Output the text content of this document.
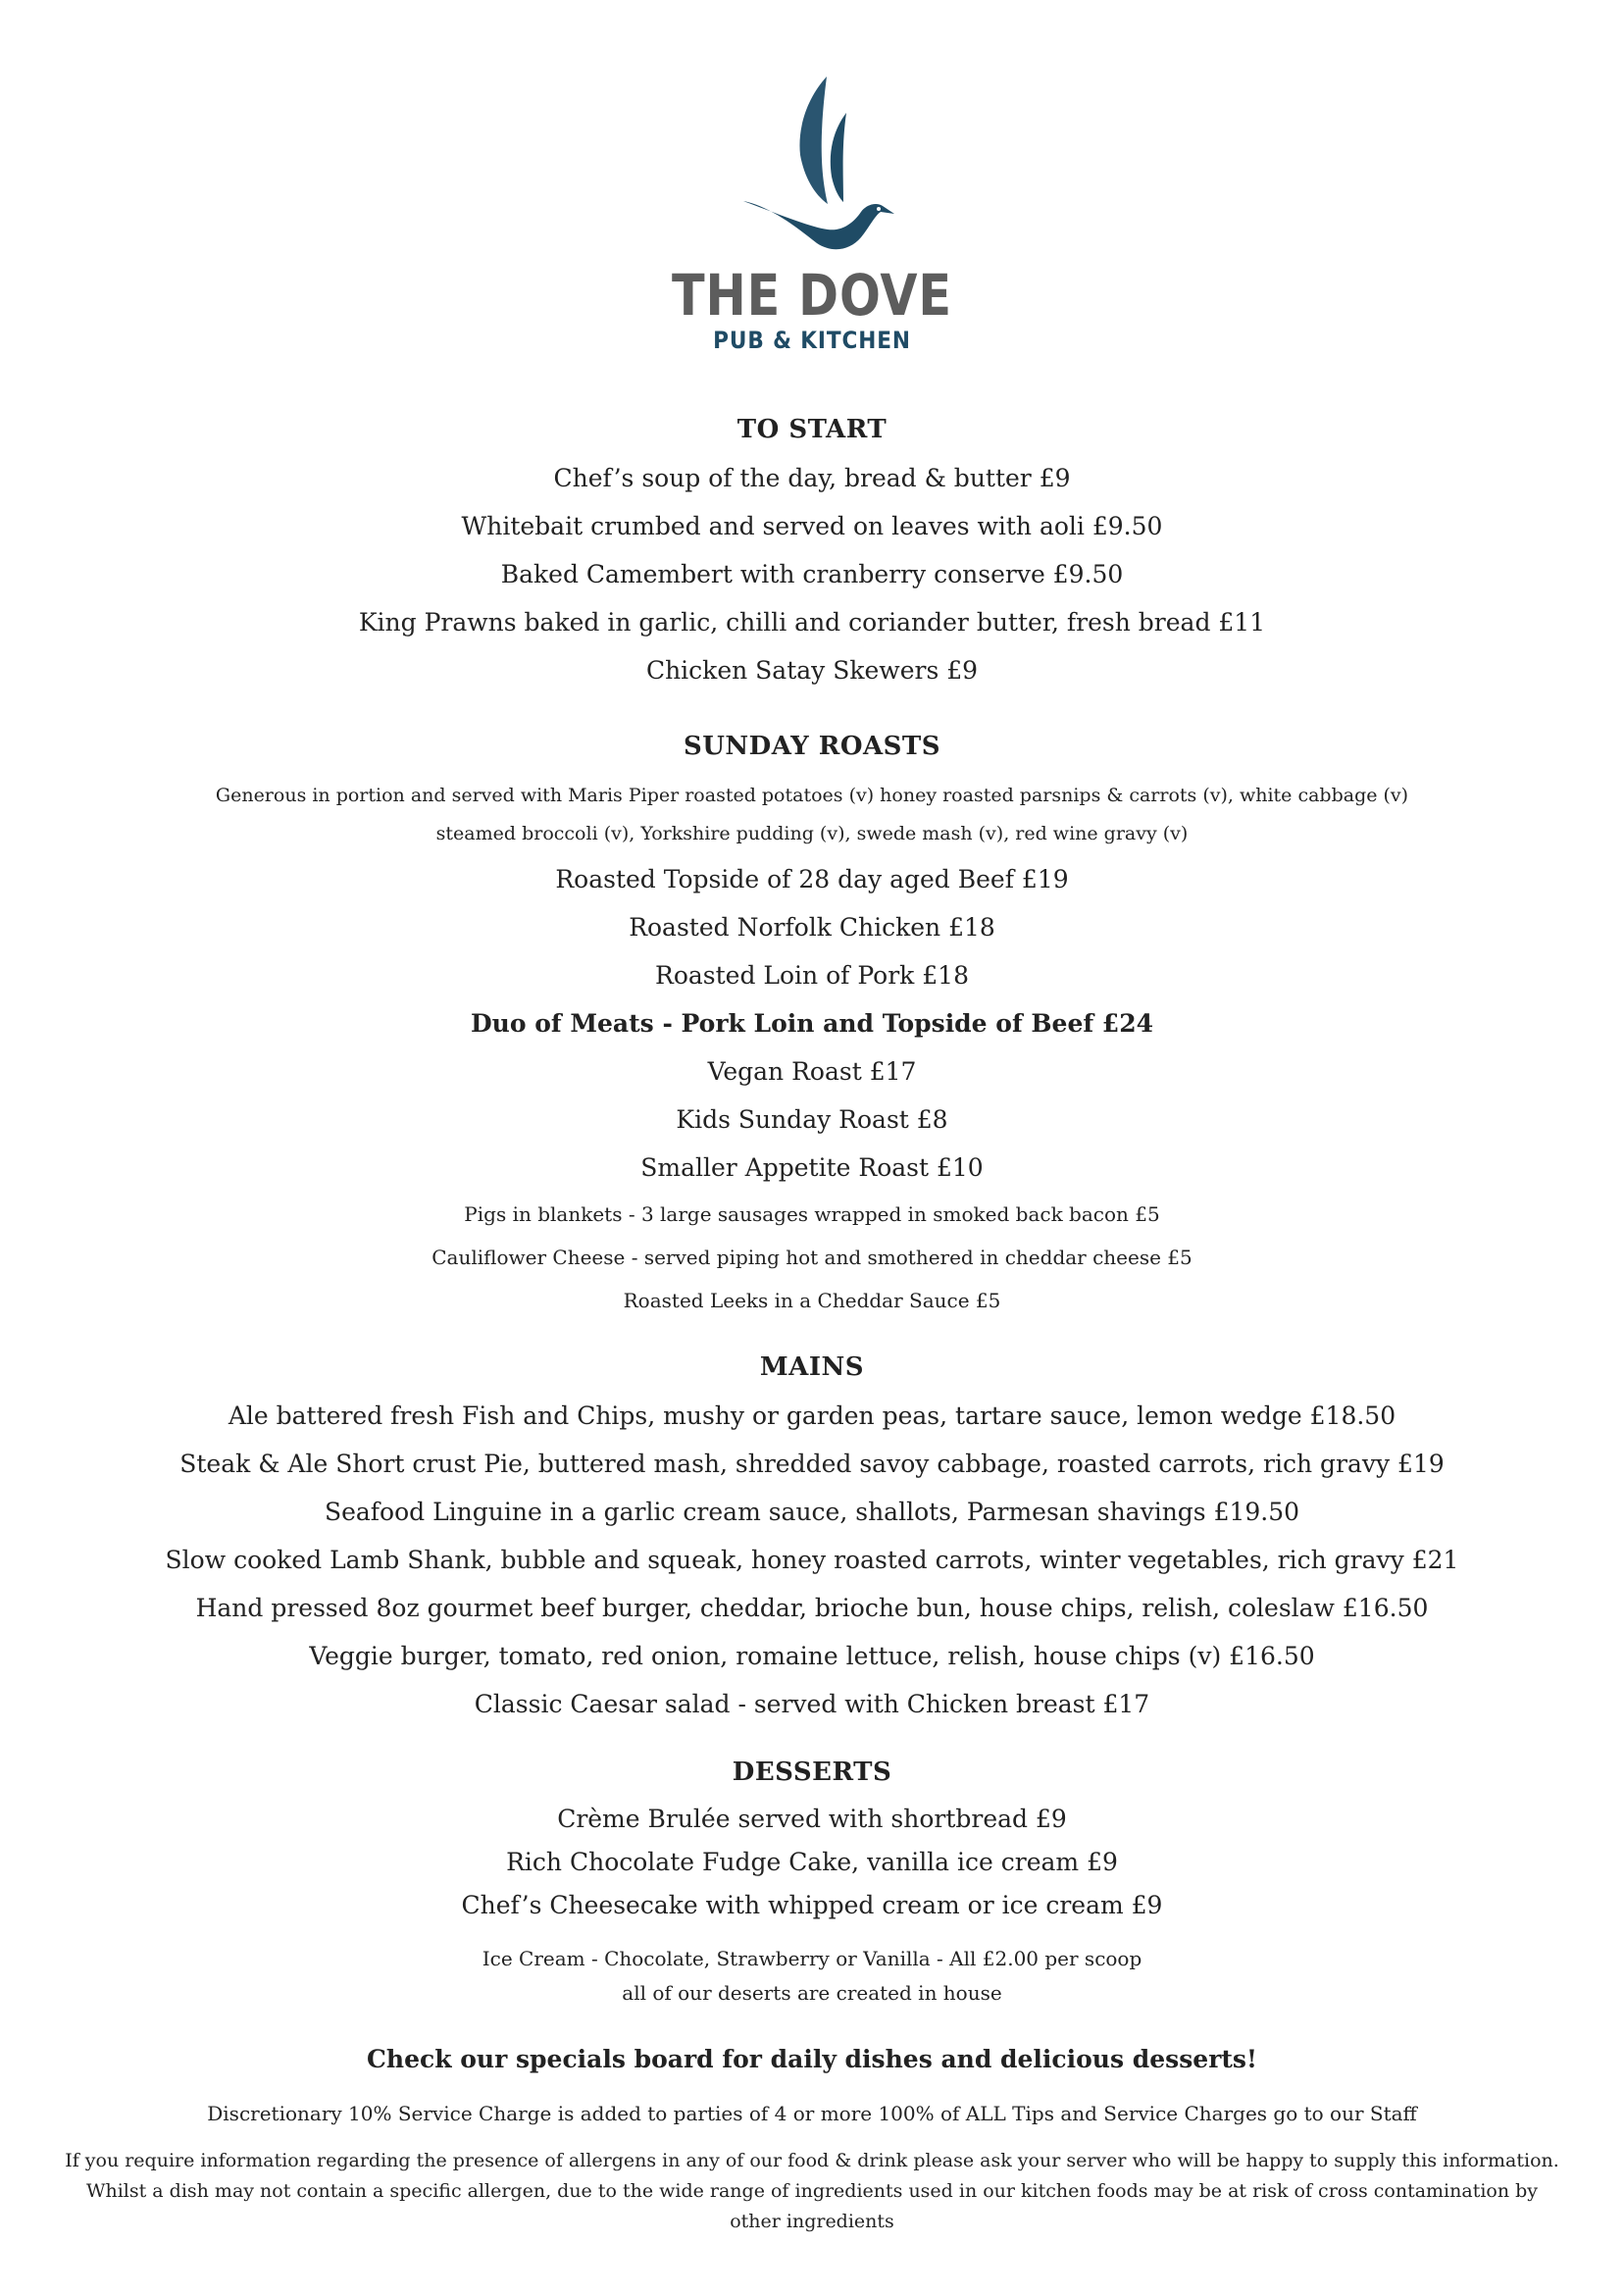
THE DOVE
PUB & KITCHEN
TO START
Chef’s soup of the day, bread & butter £9
Whitebait crumbed and served on leaves with aoli £9.50
Baked Camembert with cranberry conserve £9.50
King Prawns baked in garlic, chilli and coriander butter, fresh bread £11
Chicken Satay Skewers £9
SUNDAY ROASTS
Generous in portion and served with Maris Piper roasted potatoes (v) honey roasted parsnips & carrots (v), white cabbage (v)
steamed broccoli (v), Yorkshire pudding (v), swede mash (v), red wine gravy (v)
Roasted Topside of 28 day aged Beef £19
Roasted Norfolk Chicken £18
Roasted Loin of Pork £18
Duo of Meats - Pork Loin and Topside of Beef £24
Vegan Roast £17
Kids Sunday Roast £8
Smaller Appetite Roast £10
Pigs in blankets - 3 large sausages wrapped in smoked back bacon £5
Cauliflower Cheese - served piping hot and smothered in cheddar cheese £5
Roasted Leeks in a Cheddar Sauce £5
MAINS
Ale battered fresh Fish and Chips, mushy or garden peas, tartare sauce, lemon wedge £18.50
Steak & Ale Short crust Pie, buttered mash, shredded savoy cabbage, roasted carrots, rich gravy £19
Seafood Linguine in a garlic cream sauce, shallots, Parmesan shavings £19.50
Slow cooked Lamb Shank, bubble and squeak, honey roasted carrots, winter vegetables, rich gravy £21
Hand pressed 8oz gourmet beef burger, cheddar, brioche bun, house chips, relish, coleslaw £16.50
Veggie burger, tomato, red onion, romaine lettuce, relish, house chips (v) £16.50
Classic Caesar salad - served with Chicken breast £17
DESSERTS
Crème Brulée served with shortbread £9
Rich Chocolate Fudge Cake, vanilla ice cream £9
Chef’s Cheesecake with whipped cream or ice cream £9
Ice Cream - Chocolate, Strawberry or Vanilla - All £2.00 per scoop
all of our deserts are created in house
Check our specials board for daily dishes and delicious desserts!
Discretionary 10% Service Charge is added to parties of 4 or more 100% of ALL Tips and Service Charges go to our Staff
If you require information regarding the presence of allergens in any of our food & drink please ask your server who will be happy to supply this information.
Whilst a dish may not contain a specific allergen, due to the wide range of ingredients used in our kitchen foods may be at risk of cross contamination by
other ingredients
